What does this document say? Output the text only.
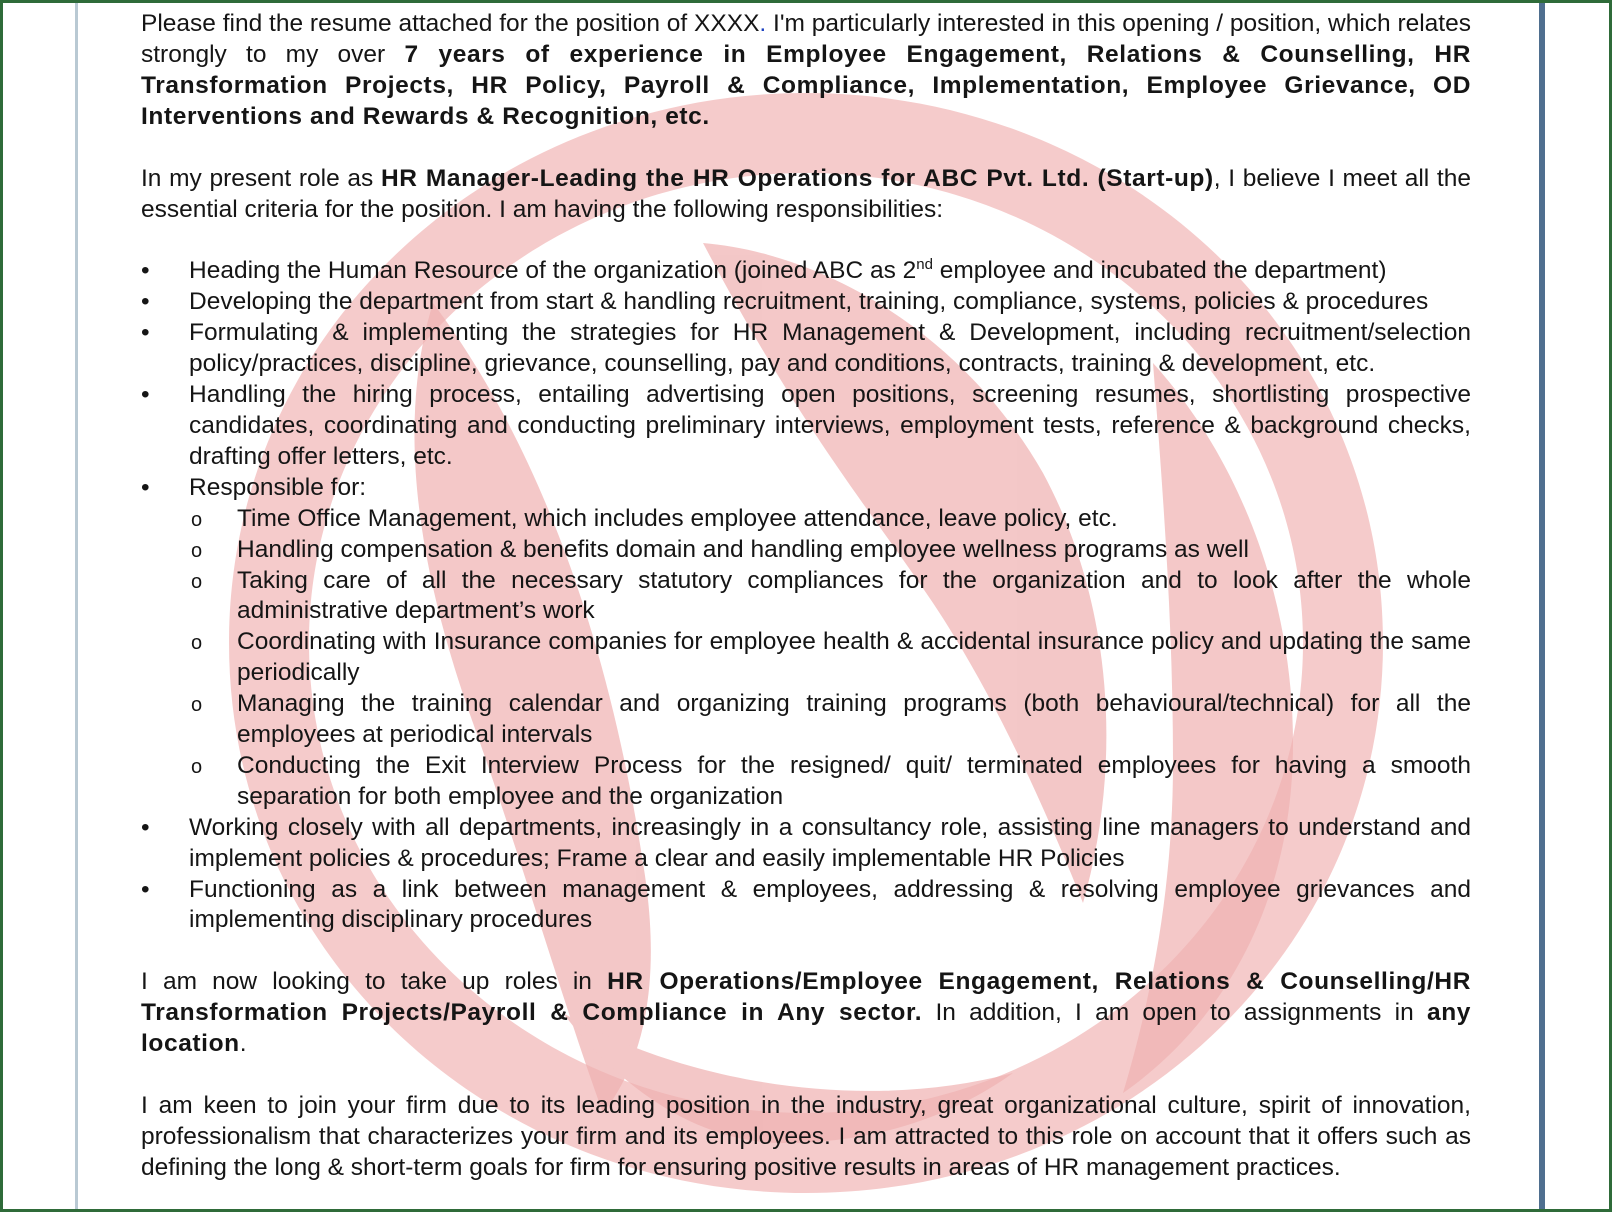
Please find the resume attached for the position of XXXX. I'm particularly interested in this opening / position, which relates strongly to my over 7 years of experience in Employee Engagement, Relations & Counselling, HR Transformation Projects, HR Policy, Payroll & Compliance, Implementation, Employee Grievance, OD Interventions and Rewards & Recognition, etc.

In my present role as HR Manager-Leading the HR Operations for ABC Pvt. Ltd. (Start-up), I believe I meet all the essential criteria for the position. I am having the following responsibilities:

•	Heading the Human Resource of the organization (joined ABC as 2nd employee and incubated the department)
•	Developing the department from start & handling recruitment, training, compliance, systems, policies & procedures
•	Formulating & implementing the strategies for HR Management & Development, including recruitment/selection policy/practices, discipline, grievance, counselling, pay and conditions, contracts, training & development, etc.
•	Handling the hiring process, entailing advertising open positions, screening resumes, shortlisting prospective candidates, coordinating and conducting preliminary interviews, employment tests, reference & background checks, drafting offer letters, etc.
•	Responsible for:
o Time Office Management, which includes employee attendance, leave policy, etc.
o Handling compensation & benefits domain and handling employee wellness programs as well
o Taking care of all the necessary statutory compliances for the organization and to look after the whole administrative department’s work
o Coordinating with Insurance companies for employee health & accidental insurance policy and updating the same periodically
o Managing the training calendar and organizing training programs (both behavioural/technical) for all the employees at periodical intervals
o Conducting the Exit Interview Process for the resigned/ quit/ terminated employees for having a smooth separation for both employee and the organization
•	Working closely with all departments, increasingly in a consultancy role, assisting line managers to understand and implement policies & procedures; Frame a clear and easily implementable HR Policies
•	Functioning as a link between management & employees, addressing & resolving employee grievances and implementing disciplinary procedures

I am now looking to take up roles in HR Operations/Employee Engagement, Relations & Counselling/HR Transformation Projects/Payroll & Compliance in Any sector. In addition, I am open to assignments in any location.

I am keen to join your firm due to its leading position in the industry, great organizational culture, spirit of innovation, professionalism that characterizes your firm and its employees. I am attracted to this role on account that it offers such as defining the long & short-term goals for firm for ensuring positive results in areas of HR management practices.
